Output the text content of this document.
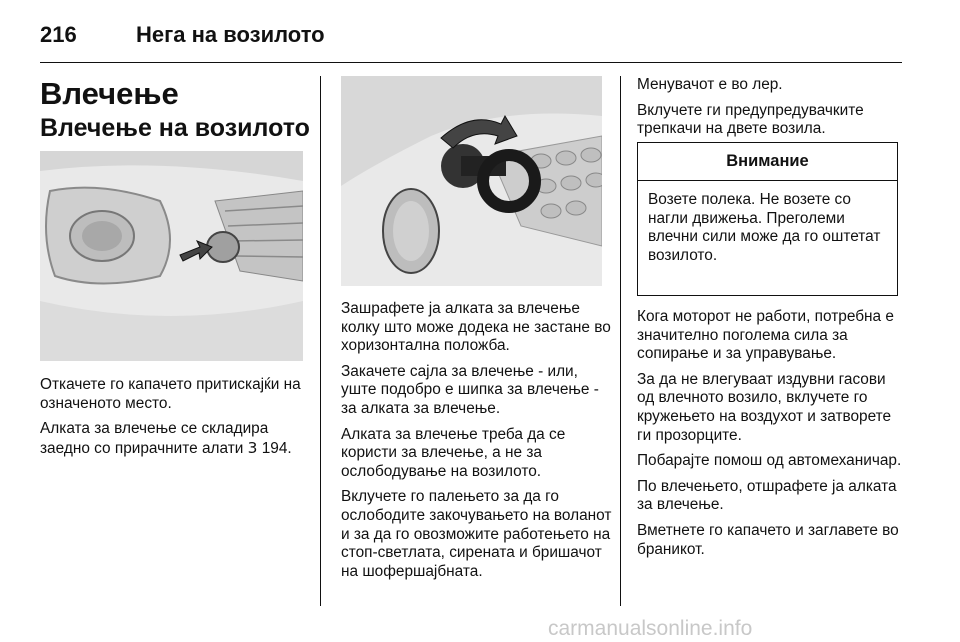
216	Нега на возилото
Влечење
Влечење на возилото

Откачете го капачето притискајќи на означеното место.

Алката за влечење се складира заедно со прирачните алати 3 194.

Зашрафете ја алката за влечење колку што може додека не застане во хоризонтална положба.

Закачете сајла за влечење - или, уште подобро е шипка за влечење - за алката за влечење.

Алката за влечење треба да се користи за влечење, а не за ослободување на возилото.

Вклучете го палењето за да го ослободите закочувањето на воланот и за да го овозможите работењето на стоп-светлата, сирената и бришачот на шофершајбната.

Менувачот е во лер.

Вклучете ги предупредувачките трепкачи на двете возила.

Внимание
Возете полека. Не возете со нагли движења. Преголеми влечни сили може да го оштетат возилото.

Кога моторот не работи, потребна е значително поголема сила за сопирање и за управување.

За да не влегуваат издувни гасови од влечното возило, вклучете го кружењето на воздухот и затворете ги прозорците.

Побарајте помош од автомеханичар.

По влечењето, отшрафете ја алката за влечење.

Вметнете го капачето и заглавете во браникот.

carmanualsonline.info
